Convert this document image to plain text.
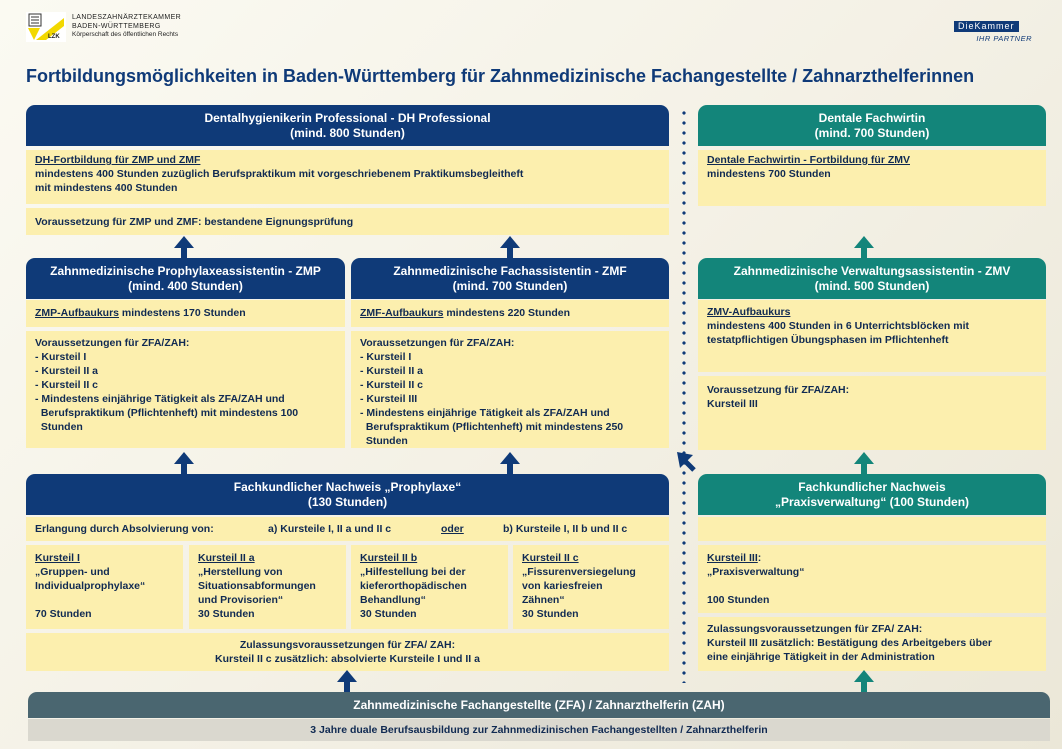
LZK
LANDESZAHNÄRZTEKAMMER
BADEN-WÜRTTEMBERG
Körperschaft des öffentlichen Rechts
DieKammer
IHR PARTNER
Fortbildungsmöglichkeiten in Baden-Württemberg für Zahnmedizinische Fachangestellte / Zahnarzthelferinnen
Dentalhygienikerin Professional - DH Professional
(mind. 800 Stunden)
DH-Fortbildung für ZMP und ZMF
mindestens 400 Stunden zuzüglich Berufspraktikum mit vorgeschriebenem Praktikumsbegleitheft
mit mindestens 400 Stunden
Voraussetzung für ZMP und ZMF: bestandene Eignungsprüfung
Dentale Fachwirtin
(mind. 700 Stunden)
Dentale Fachwirtin - Fortbildung für ZMV
mindestens 700 Stunden
Zahnmedizinische Prophylaxeassistentin - ZMP
(mind. 400 Stunden)
ZMP-Aufbaukurs mindestens 170 Stunden
Voraussetzungen für ZFA/ZAH:
- Kursteil I
- Kursteil II a
- Kursteil II c
- Mindestens einjährige Tätigkeit als ZFA/ZAH und
Berufspraktikum (Pflichtenheft) mit mindestens 100
Stunden
Zahnmedizinische Fachassistentin - ZMF
(mind. 700 Stunden)
ZMF-Aufbaukurs mindestens 220 Stunden
Voraussetzungen für ZFA/ZAH:
- Kursteil I
- Kursteil II a
- Kursteil II c
- Kursteil III
- Mindestens einjährige Tätigkeit als ZFA/ZAH und
Berufspraktikum (Pflichtenheft) mit mindestens 250
Stunden
Zahnmedizinische Verwaltungsassistentin - ZMV
(mind. 500 Stunden)
ZMV-Aufbaukurs
mindestens 400 Stunden in 6 Unterrichtsblöcken mit
testatpflichtigen Übungsphasen im Pflichtenheft
Voraussetzung für ZFA/ZAH:
Kursteil III
Fachkundlicher Nachweis „Prophylaxe“
(130 Stunden)
Erlangung durch Absolvierung von:	a) Kursteile I, II a und II c	oder	b) Kursteile I, II b und II c
Kursteil I
„Gruppen- und
Individualprophylaxe“
70 Stunden
Kursteil II a
„Herstellung von
Situationsabformungen
und Provisorien“
30 Stunden
Kursteil II b
„Hilfestellung bei der
kieferorthopädischen
Behandlung“
30 Stunden
Kursteil II c
„Fissurenversiegelung
von kariesfreien
Zähnen“
30 Stunden
Zulassungsvoraussetzungen für ZFA/ ZAH:
Kursteil II c zusätzlich: absolvierte Kursteile I und II a
Fachkundlicher Nachweis
„Praxisverwaltung“ (100 Stunden)
Kursteil III:
„Praxisverwaltung“
100 Stunden
Zulassungsvoraussetzungen für ZFA/ ZAH:
Kursteil III zusätzlich: Bestätigung des Arbeitgebers über
eine einjährige Tätigkeit in der Administration
Zahnmedizinische Fachangestellte (ZFA) / Zahnarzthelferin (ZAH)
3 Jahre duale Berufsausbildung zur Zahnmedizinischen Fachangestellten / Zahnarzthelferin
